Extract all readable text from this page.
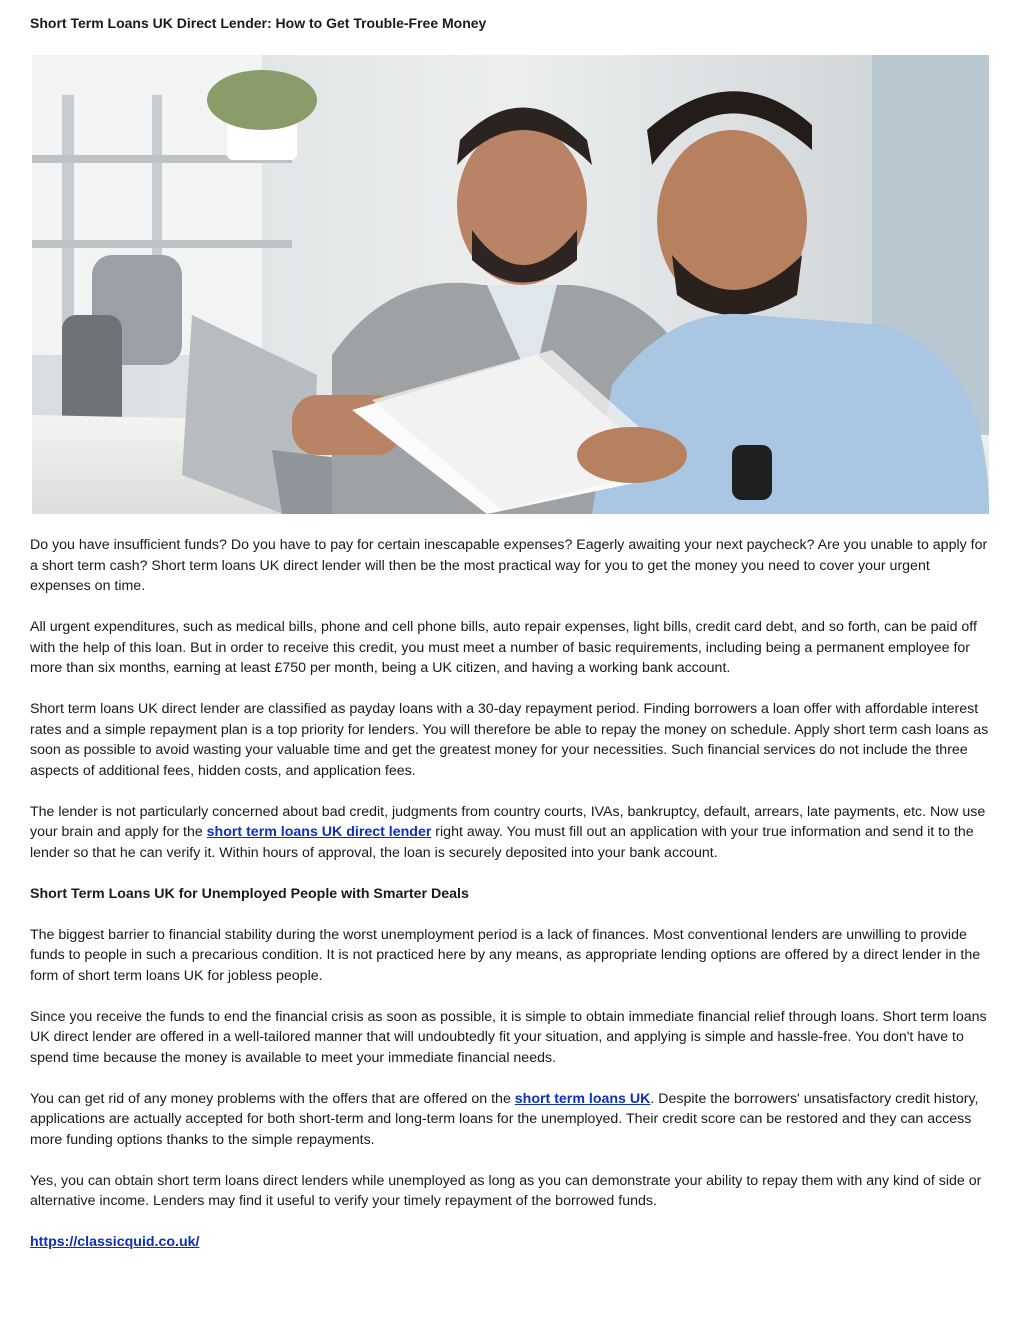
Short Term Loans UK Direct Lender: How to Get Trouble-Free Money

Do you have insufficient funds? Do you have to pay for certain inescapable expenses? Eagerly awaiting your next paycheck? Are you unable to apply for a short term cash? Short term loans UK direct lender will then be the most practical way for you to get the money you need to cover your urgent expenses on time.

All urgent expenditures, such as medical bills, phone and cell phone bills, auto repair expenses, light bills, credit card debt, and so forth, can be paid off with the help of this loan. But in order to receive this credit, you must meet a number of basic requirements, including being a permanent employee for more than six months, earning at least £750 per month, being a UK citizen, and having a working bank account.

Short term loans UK direct lender are classified as payday loans with a 30-day repayment period. Finding borrowers a loan offer with affordable interest rates and a simple repayment plan is a top priority for lenders. You will therefore be able to repay the money on schedule. Apply short term cash loans as soon as possible to avoid wasting your valuable time and get the greatest money for your necessities. Such financial services do not include the three aspects of additional fees, hidden costs, and application fees.

The lender is not particularly concerned about bad credit, judgments from country courts, IVAs, bankruptcy, default, arrears, late payments, etc. Now use your brain and apply for the short term loans UK direct lender right away. You must fill out an application with your true information and send it to the lender so that he can verify it. Within hours of approval, the loan is securely deposited into your bank account.

Short Term Loans UK for Unemployed People with Smarter Deals

The biggest barrier to financial stability during the worst unemployment period is a lack of finances. Most conventional lenders are unwilling to provide funds to people in such a precarious condition. It is not practiced here by any means, as appropriate lending options are offered by a direct lender in the form of short term loans UK for jobless people.

Since you receive the funds to end the financial crisis as soon as possible, it is simple to obtain immediate financial relief through loans. Short term loans UK direct lender are offered in a well-tailored manner that will undoubtedly fit your situation, and applying is simple and hassle-free. You don't have to spend time because the money is available to meet your immediate financial needs.

You can get rid of any money problems with the offers that are offered on the short term loans UK. Despite the borrowers' unsatisfactory credit history, applications are actually accepted for both short-term and long-term loans for the unemployed. Their credit score can be restored and they can access more funding options thanks to the simple repayments.

Yes, you can obtain short term loans direct lenders while unemployed as long as you can demonstrate your ability to repay them with any kind of side or alternative income. Lenders may find it useful to verify your timely repayment of the borrowed funds.

https://classicquid.co.uk/
